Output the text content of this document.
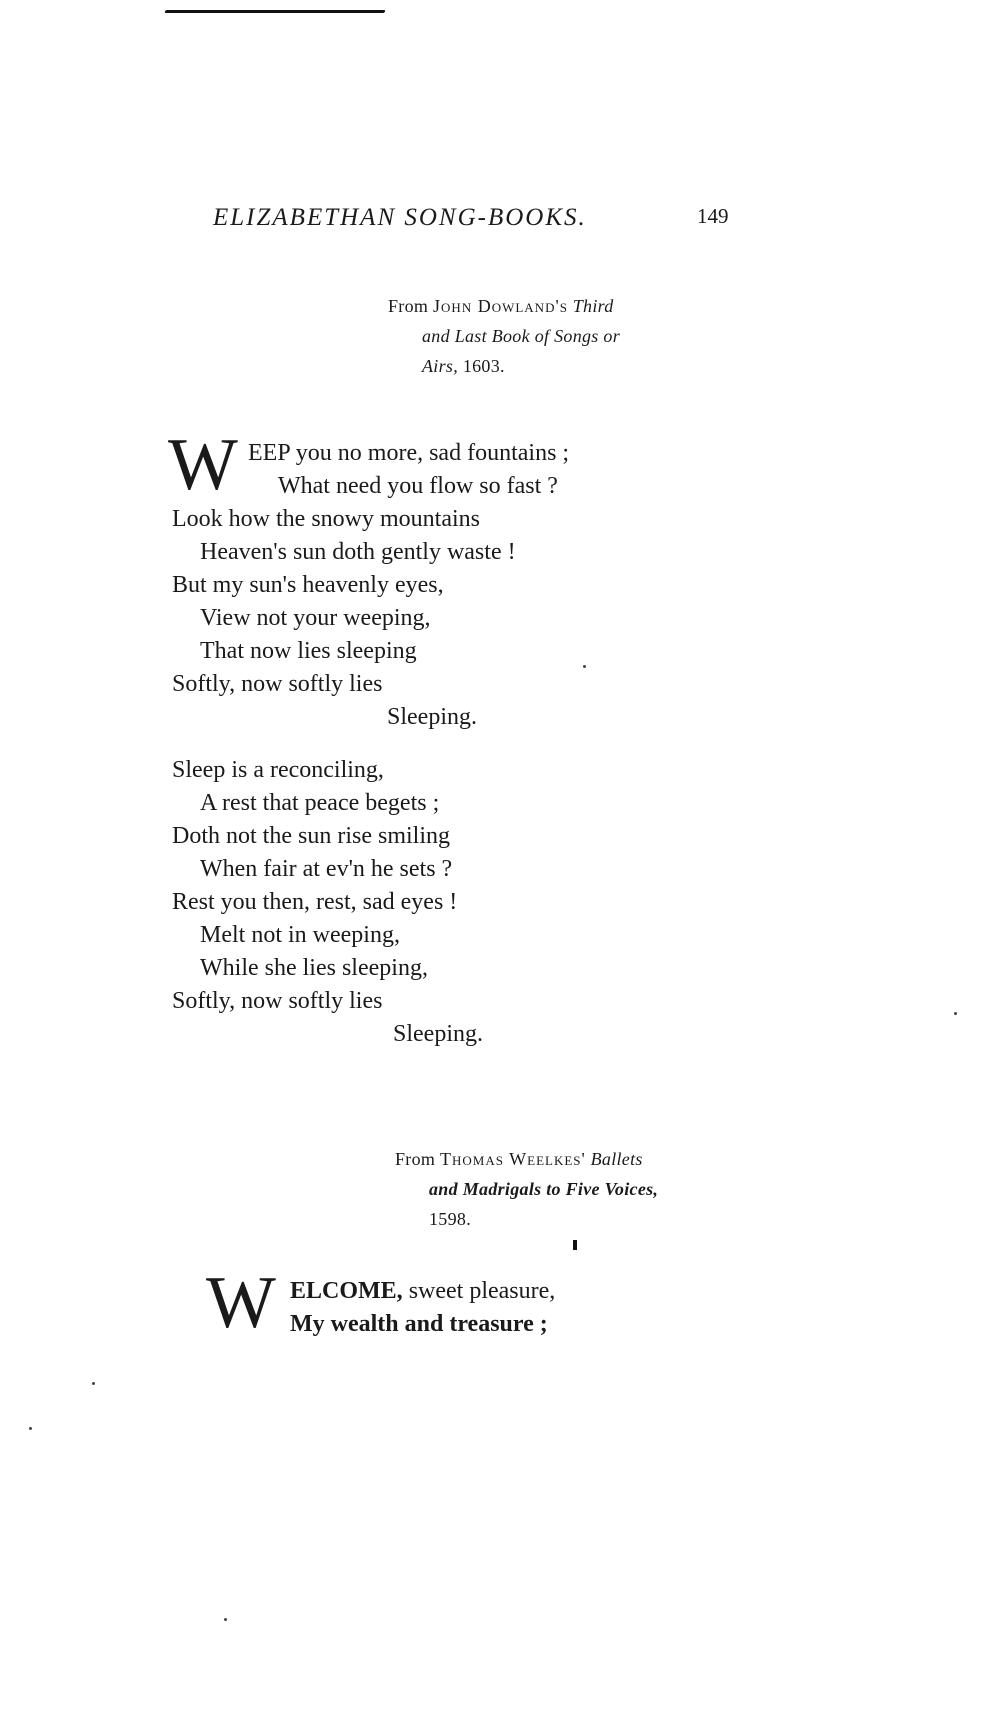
ELIZABETHAN SONG-BOOKS.	149
From John Dowland's Third
and Last Book of Songs or
Airs, 1603.
W EEP you no more, sad fountains ;
What need you flow so fast ?
Look how the snowy mountains
Heaven's sun doth gently waste !
But my sun's heavenly eyes,
View not your weeping,
That now lies sleeping
Softly, now softly lies
Sleeping.
Sleep is a reconciling,
A rest that peace begets ;
Doth not the sun rise smiling
When fair at ev'n he sets ?
Rest you then, rest, sad eyes !
Melt not in weeping,
While she lies sleeping,
Softly, now softly lies
Sleeping.
From Thomas Weelkes' Ballets
and Madrigals to Five Voices,
1598.
W ELCOME, sweet pleasure,
My wealth and treasure ;
